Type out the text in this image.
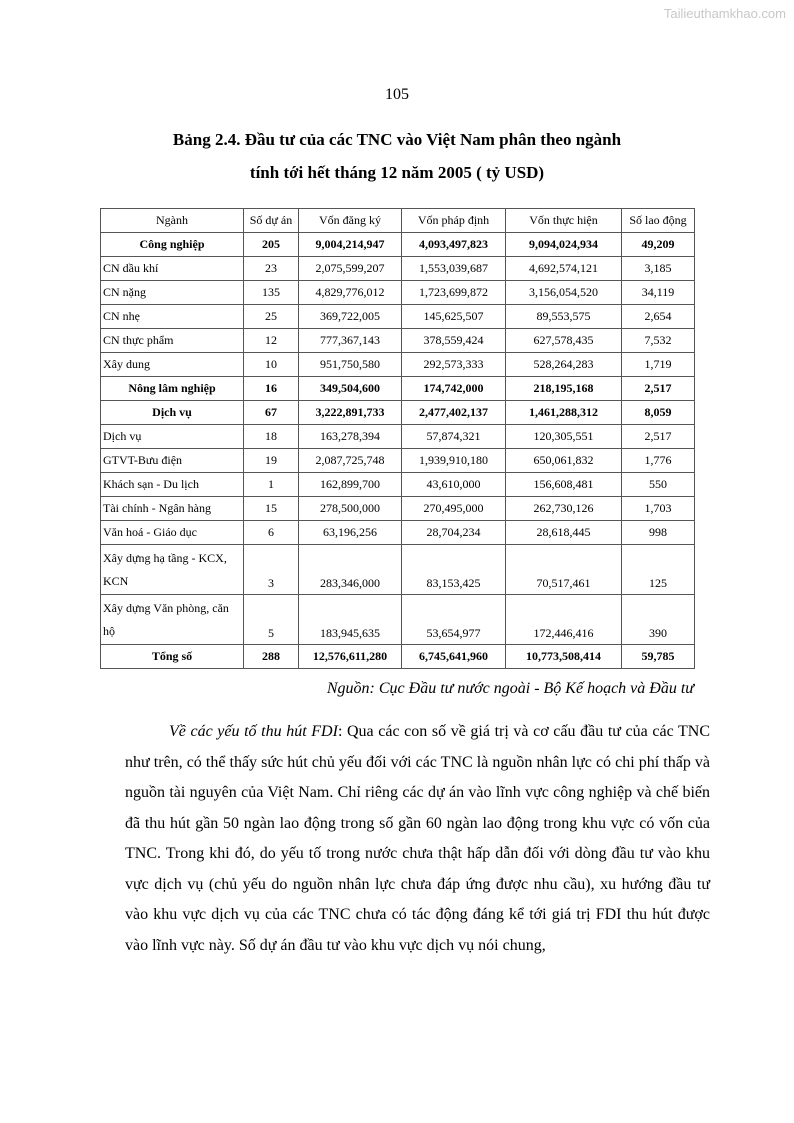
Tailieuthamkhao.com
105
Bảng 2.4. Đầu tư của các TNC vào Việt Nam phân theo ngành
tính tới hết tháng 12 năm 2005 ( tỷ USD)
Ngành	Số dự án	Vốn đăng ký	Vốn pháp định	Vốn thực hiện	Số lao động
Công nghiệp	205	9,004,214,947	4,093,497,823	9,094,024,934	49,209
CN dầu khí	23	2,075,599,207	1,553,039,687	4,692,574,121	3,185
CN nặng	135	4,829,776,012	1,723,699,872	3,156,054,520	34,119
CN nhẹ	25	369,722,005	145,625,507	89,553,575	2,654
CN thực phẩm	12	777,367,143	378,559,424	627,578,435	7,532
Xây dung	10	951,750,580	292,573,333	528,264,283	1,719
Nông lâm nghiệp	16	349,504,600	174,742,000	218,195,168	2,517
Dịch vụ	67	3,222,891,733	2,477,402,137	1,461,288,312	8,059
Dịch vụ	18	163,278,394	57,874,321	120,305,551	2,517
GTVT-Bưu điện	19	2,087,725,748	1,939,910,180	650,061,832	1,776
Khách sạn - Du lịch	1	162,899,700	43,610,000	156,608,481	550
Tài chính - Ngân hàng	15	278,500,000	270,495,000	262,730,126	1,703
Văn hoá - Giáo dục	6	63,196,256	28,704,234	28,618,445	998
Xây dựng hạ tầng - KCX, KCN	3	283,346,000	83,153,425	70,517,461	125
Xây dựng Văn phòng, căn hộ	5	183,945,635	53,654,977	172,446,416	390
Tổng số	288	12,576,611,280	6,745,641,960	10,773,508,414	59,785
Nguồn: Cục Đầu tư nước ngoài - Bộ Kế hoạch và Đầu tư

Về các yếu tố thu hút FDI: Qua các con số về giá trị và cơ cấu đầu tư của các TNC như trên, có thể thấy sức hút chủ yếu đối với các TNC là nguồn nhân lực có chi phí thấp và nguồn tài nguyên của Việt Nam. Chỉ riêng các dự án vào lĩnh vực công nghiệp và chế biến đã thu hút gần 50 ngàn lao động trong số gần 60 ngàn lao động trong khu vực có vốn của TNC. Trong khi đó, do yếu tố trong nước chưa thật hấp dẫn đối với dòng đầu tư vào khu vực dịch vụ (chủ yếu do nguồn nhân lực chưa đáp ứng được nhu cầu), xu hướng đầu tư vào khu vực dịch vụ của các TNC chưa có tác động đáng kể tới giá trị FDI thu hút được vào lĩnh vực này. Số dự án đầu tư vào khu vực dịch vụ nói chung,
